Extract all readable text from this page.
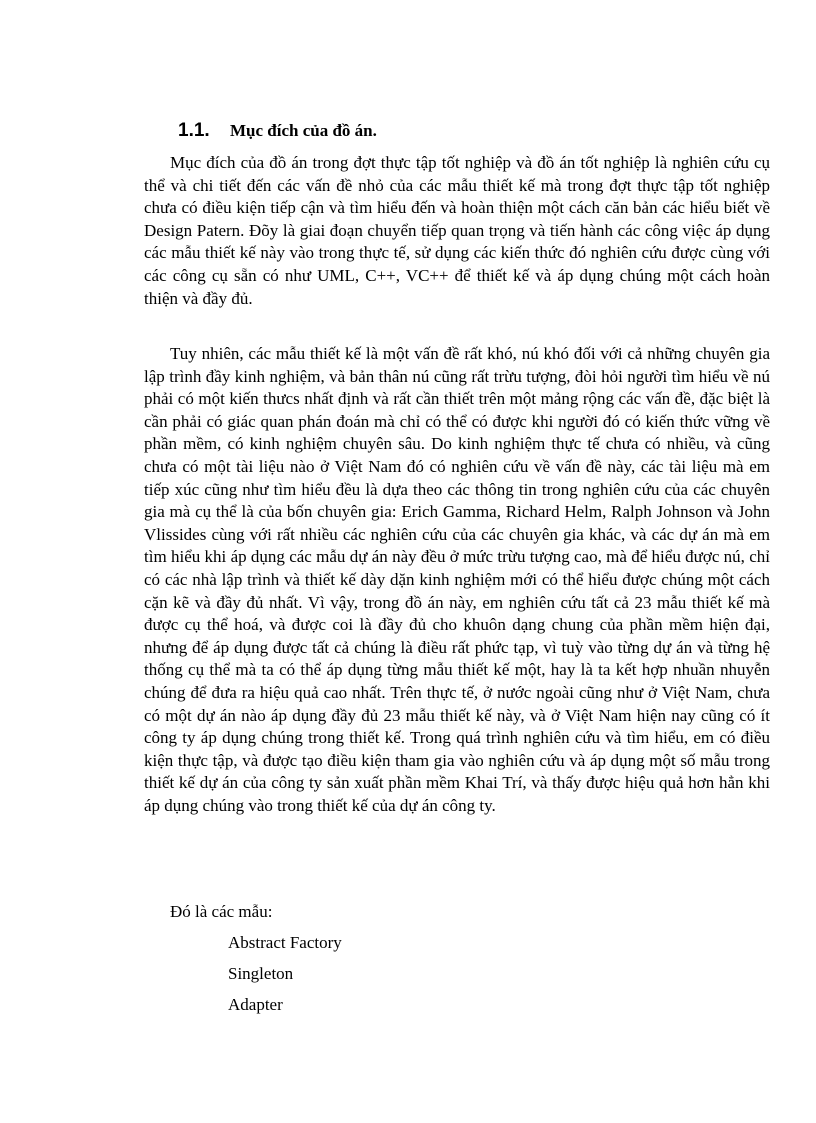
1.1.	Mục đích của đồ án.

Mục đích của đồ án trong đợt thực tập tốt nghiệp và đồ án tốt nghiệp là nghiên cứu cụ thể và chi tiết đến các vấn đề nhỏ của các mẫu thiết kế mà trong đợt thực tập tốt nghiệp chưa có điều kiện tiếp cận và tìm hiểu đến và hoàn thiện một cách căn bản các hiểu biết về Design Patern. Đõy là giai đoạn chuyển tiếp quan trọng và tiến hành các công việc áp dụng các mẫu thiết kế này vào trong thực tế, sử dụng các kiến thức đó nghiên cứu được cùng với các công cụ sẵn có như UML, C++, VC++ để thiết kế và áp dụng chúng một cách hoàn thiện và đầy đủ.

Tuy nhiên, các mẫu thiết kế là một vấn đề rất khó, nú khó đối với cả những chuyên gia lập trình đầy kinh nghiệm, và bản thân nú cũng rất trừu tượng, đòi hỏi người tìm hiểu về nú phải có một kiến thưcs nhất định và rất cần thiết trên một mảng rộng các vấn đề, đặc biệt là cần phải có giác quan phán đoán mà chỉ có thể có được khi người đó có kiến thức vững về phần mềm, có kinh nghiệm chuyên sâu. Do kinh nghiệm thực tế chưa có nhiều, và cũng chưa có một tài liệu nào ở Việt Nam đó có nghiên cứu về vấn đề này, các tài liệu mà em tiếp xúc cũng như tìm hiểu đều là dựa theo các thông tin trong nghiên cứu của các chuyên gia mà cụ thể là của bốn chuyên gia: Erich Gamma, Richard Helm, Ralph Johnson và John Vlissides cùng với rất nhiều các nghiên cứu của các chuyên gia khác, và các dự án mà em tìm hiểu khi áp dụng các mẫu dự án này đều ở mức trừu tượng cao, mà để hiểu được nú, chỉ có các nhà lập trình và thiết kế dày dặn kinh nghiệm mới có thể hiểu được chúng một cách cặn kẽ và đầy đủ nhất. Vì vậy, trong đồ án này, em nghiên cứu tất cả 23 mẫu thiết kế mà được cụ thể hoá, và được coi là đầy đủ cho khuôn dạng chung của phần mềm hiện đại, nhưng để áp dụng được tất cả chúng là điều rất phức tạp, vì tuỳ vào từng dự án và từng hệ thống cụ thể mà ta có thể áp dụng từng mẫu thiết kế một, hay là ta kết hợp nhuần nhuyễn chúng để đưa ra hiệu quả cao nhất. Trên thực tế, ở nước ngoài cũng như ở Việt Nam, chưa có một dự án nào áp dụng đầy đủ 23 mẫu thiết kế này, và ở Việt Nam hiện nay cũng có ít công ty áp dụng chúng trong thiết kế. Trong quá trình nghiên cứu và tìm hiểu, em có điều kiện thực tập, và được tạo điều kiện tham gia vào nghiên cứu và áp dụng một số mẫu trong thiết kế dự án của công ty sản xuất phần mềm Khai Trí, và thấy được hiệu quả hơn hẳn khi áp dụng chúng vào trong thiết kế của dự án công ty.

Đó là các mẫu:

Abstract Factory
Singleton
Adapter
